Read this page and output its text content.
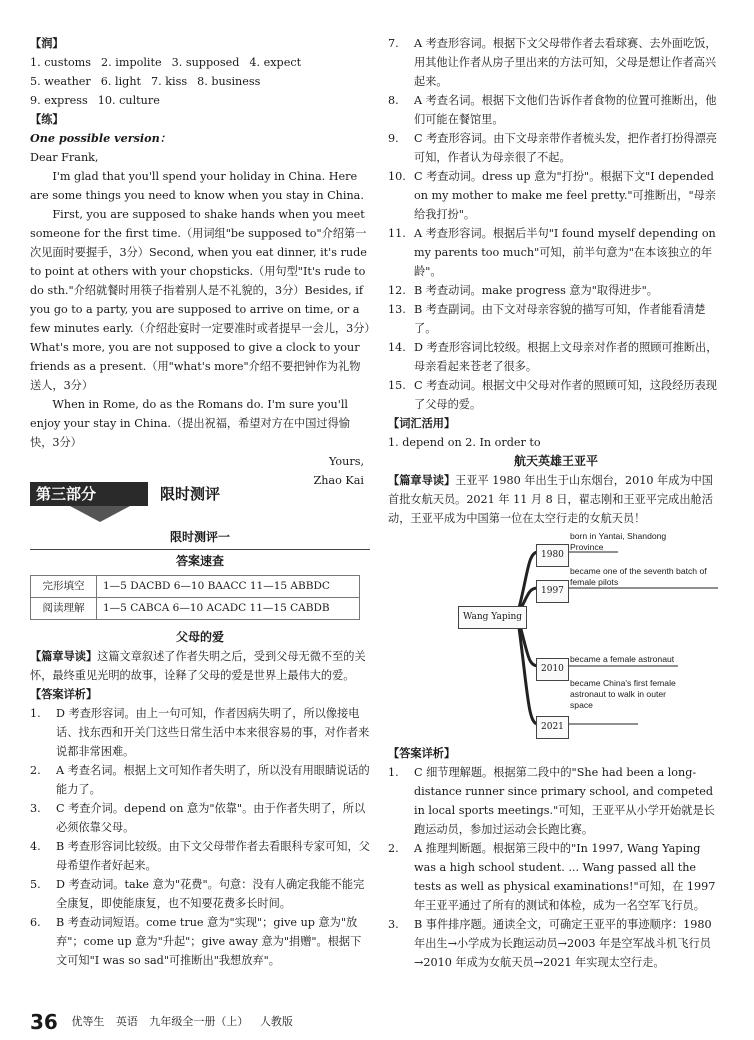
【润】
1. customs 2. impolite 3. supposed 4. expect
5. weather 6. light 7. kiss 8. business
9. express 10. culture
【练】
One possible version：
Dear Frank,
I'm glad that you'll spend your holiday in China. Here are some things you need to know when you stay in China.
First, you are supposed to shake hands when you meet someone for the first time.（用词组"be supposed to"介绍第一次见面时要握手，3分）Second, when you eat dinner, it's rude to point at others with your chopsticks.（用句型"It's rude to do sth."介绍就餐时用筷子指着别人是不礼貌的，3分）Besides, if you go to a party, you are supposed to arrive on time, or a few minutes early.（介绍赴宴时一定要准时或者提早一会儿，3分）What's more, you are not supposed to give a clock to your friends as a present.（用"what's more"介绍不要把钟作为礼物送人，3分）
When in Rome, do as the Romans do. I'm sure you'll enjoy your stay in China.（提出祝福，希望对方在中国过得愉快，3分）
Yours,
Zhao Kai
第三部分	限时测评
限时测评一
答案速查
完形填空	1—5 DACBD 6—10 BAACC 11—15 ABBDC
阅读理解	1—5 CABCA 6—10 ACADC 11—15 CABDB
父母的爱
【篇章导读】这篇文章叙述了作者失明之后，受到父母无微不至的关怀，最终重见光明的故事，诠释了父母的爱是世界上最伟大的爱。
【答案详析】
1.	D 考查形容词。由上一句可知，作者因病失明了，所以像接电话、找东西和开关门这些日常生活中本来很容易的事，对作者来说都非常困难。
2.	A 考查名词。根据上文可知作者失明了，所以没有用眼睛说话的能力了。
3.	C 考查介词。depend on 意为"依靠"。由于作者失明了，所以必须依靠父母。
4.	B 考查形容词比较级。由下文父母带作者去看眼科专家可知，父母希望作者好起来。
5.	D 考查动词。take 意为"花费"。句意：没有人确定我能不能完全康复，即使能康复，也不知要花费多长时间。
6.	B 考查动词短语。come true 意为"实现"；give up 意为"放弃"；come up 意为"升起"；give away 意为"捐赠"。根据下文可知"I was so sad"可推断出"我想放弃"。
7.	A 考查形容词。根据下文父母带作者去看球赛、去外面吃饭，用其他让作者从房子里出来的方法可知，父母是想让作者高兴起来。
8.	A 考查名词。根据下文他们告诉作者食物的位置可推断出，他们可能在餐馆里。
9.	C 考查形容词。由下文母亲带作者梳头发，把作者打扮得漂亮可知，作者认为母亲很了不起。
10. C 考查动词。dress up 意为"打扮"。根据下文"I depended on my mother to make me feel pretty."可推断出，"母亲给我打扮"。
11. A 考查形容词。根据后半句"I found myself depending on my parents too much"可知，前半句意为"在本该独立的年龄"。
12. B 考查动词。make progress 意为"取得进步"。
13. B 考查副词。由下文对母亲容貌的描写可知，作者能看清楚了。
14. D 考查形容词比较级。根据上文母亲对作者的照顾可推断出，母亲看起来苍老了很多。
15. C 考查动词。根据文中父母对作者的照顾可知，这段经历表现了父母的爱。
【词汇活用】
1. depend on 2. In order to
航天英雄王亚平
【篇章导读】王亚平 1980 年出生于山东烟台，2010 年成为中国首批女航天员。2021 年 11 月 8 日，翟志刚和王亚平完成出舱活动，王亚平成为中国第一位在太空行走的女航天员！
Wang Yaping
1980
1997
2010
2021
born in Yantai, Shandong Province
became one of the seventh batch of female pilots
became a female astronaut
became China's first female astronaut to walk in outer space
【答案详析】
1.	C 细节理解题。根据第二段中的"She had been a long-distance runner since primary school, and competed in local sports meetings."可知，王亚平从小学开始就是长跑运动员，参加过运动会长跑比赛。
2.	A 推理判断题。根据第三段中的"In 1997, Wang Yaping was a high school student. ... Wang passed all the tests as well as physical examinations!"可知，在 1997 年王亚平通过了所有的测试和体检，成为一名空军飞行员。
3.	B 事件排序题。通读全文，可确定王亚平的事迹顺序：1980 年出生→小学成为长跑运动员→2003 年是空军战斗机飞行员→2010 年成为女航天员→2021 年实现太空行走。
36 优等生 英语 九年级全一册（上） 人教版
